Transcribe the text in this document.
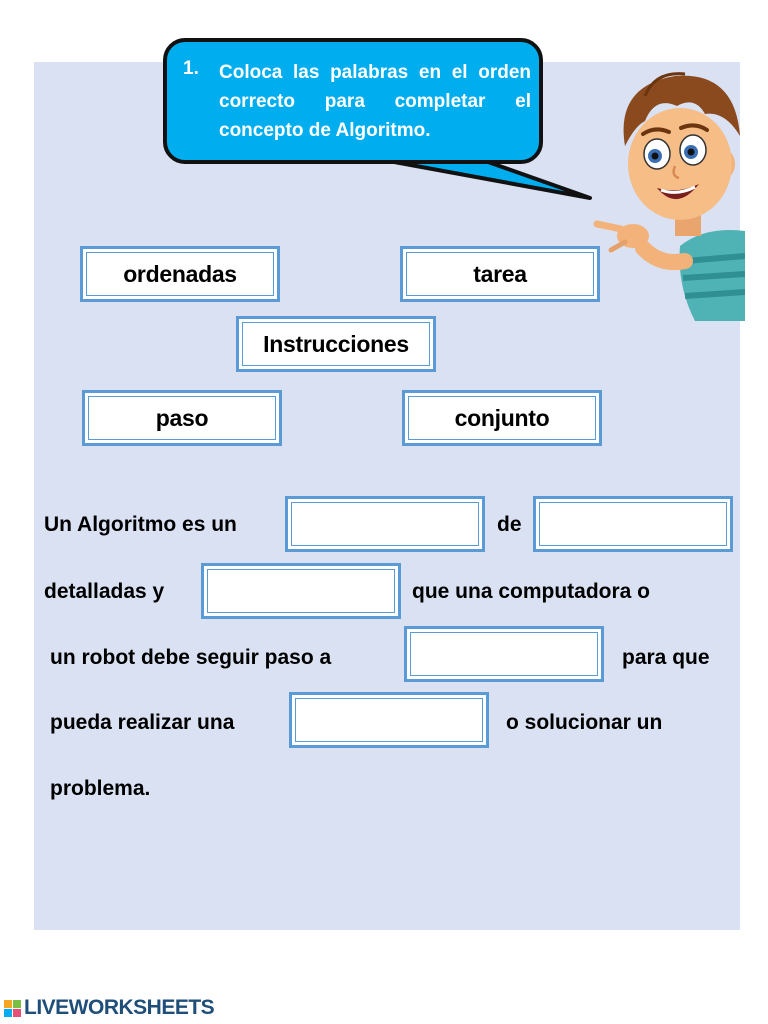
1. Coloca las palabras en el orden correcto para completar el concepto de Algoritmo.
ordenadas	tarea
Instrucciones
paso	conjunto
Un Algoritmo es un	de
detalladas y	que una computadora o
un robot debe seguir paso a	para que
pueda realizar una	o solucionar un
problema.
LIVEWORKSHEETS
